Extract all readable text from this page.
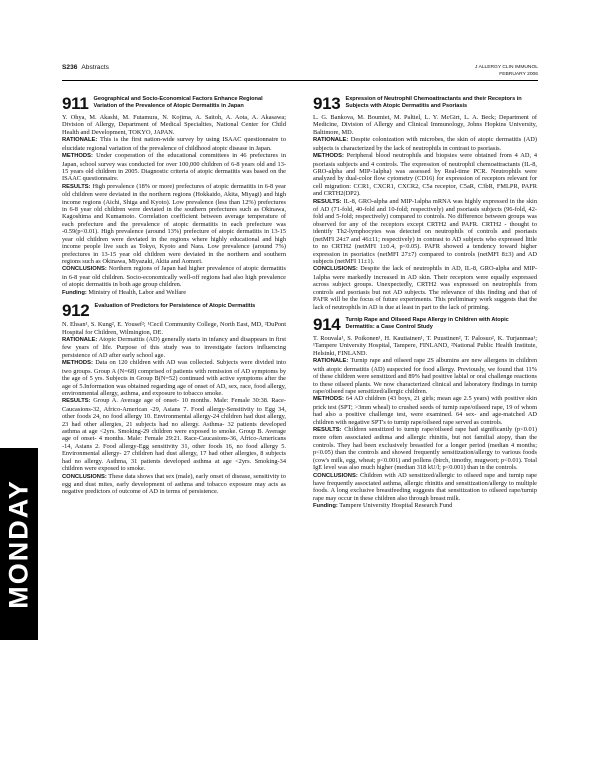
S236 Abstracts	J ALLERGY CLIN IMMUNOL
FEBRUARY 2006
MONDAY
911 Geographical and Socio-Economical Factors Enhance Regional Variation of the Prevalence of Atopic Dermatitis in Japan

Y. Ohya, M. Akashi, M. Futamura, N. Kojima, A. Saitoh, A. Aota, A. Akasawa; Division of Allergy, Department of Medical Specialties, National Center for Child Health and Development, TOKYO, JAPAN.

RATIONALE: This is the first nation-wide survey by using ISAAC questionnaire to elucidate regional variation of the prevalence of childhood atopic disease in Japan.

METHODS: Under cooperation of the educational committees in 46 prefectures in Japan, school survey was conducted for over 100,000 children of 6-8 years old and 13-15 years old children in 2005. Diagnostic criteria of atopic dermatitis was based on the ISAAC questionnaire.

RESULTS: High prevalence (18% or more) prefectures of atopic dermatitis in 6-8 year old children were deviated in the northern regions (Hokkaido, Akita, Miyagi) and high income regions (Aichi, Shiga and Kyoto). Low prevalence (less than 12%) prefectures in 6-8 year old children were deviated in the southern prefectures such as Okinawa, Kagoshima and Kumamoto. Correlation coefficient between average temperature of each prefecture and the prevalence of atopic dermatitis in each prefecture was -0.59(p<0.01). High prevalence (around 13%) prefecture of atopic dermatitis in 13-15 year old children were deviated in the regions where highly educational and high income people live such as Tokyo, Kyoto and Nara. Low prevalence (around 7%) prefectures in 13-15 year old children were deviated in the northern and southern regions such as Okinawa, Miyazaki, Akita and Aomori.

CONCLUSIONS: Northern regions of Japan had higher prevalence of atopic dermatitis in 6-8 year old children. Socio-economically well-off regions had also high prevalence of atopic dermatitis in both age group children.

Funding: Ministry of Health, Labor and Welfare

912 Evaluation of Predictors for Persistence of Atopic Dermatitis

N. Ehsan¹, S. Kung², E. Yousef²; ¹Cecil Community College, North East, MD, ²DuPont Hospital for Children, Wilmington, DE.

RATIONALE: Atopic Dermatitis (AD) generally starts in infancy and disappears in first few years of life. Purpose of this study was to investigate factors influencing persistence of AD after early school age.

METHODS: Data on 120 children with AD was collected. Subjects were divided into two groups. Group A (N=68) comprised of patients with remission of AD symptoms by the age of 5 yrs. Subjects in Group B(N=52) continued with active symptoms after the age of 5.Information was obtained regarding age of onset of AD, sex, race, food allergy, environmental allergy, asthma, and exposure to tobacco smoke.

RESULTS: Group A. Average age of onset- 10 months. Male: Female 30:38. Race-Caucasions-32, Africo-American -29, Asians 7. Food allergy-Sensitivity to Egg 34, other foods 24, no food allergy 10. Environmental allergy-24 children had dust allergy, 23 had other allergies, 21 subjects had no allergy. Asthma- 32 patients developed asthma at age <2yrs. Smoking-29 children were exposed to smoke. Group B. Average age of onset- 4 months. Male: Female 29:21. Race-Caucasions-36, Africo-Americans -14, Asians 2. Food allergy-Egg sensitivity 31, other foods 16, no food allergy 5. Environmental allergy- 27 children had dust allergy, 17 had other allergies, 8 subjects had no allergy. Asthma, 31 patients developed asthma at age <2yrs. Smoking-34 children were exposed to smoke.

CONCLUSIONS: These data shows that sex (male), early onset of disease, sensitivity to egg and dust mites, early development of asthma and tobacco exposure may acts as negative predictors of outcome of AD in terms of persistence.

913 Expression of Neutrophil Chemoattractants and their Receptors in Subjects with Atopic Dermatitis and Psoriasis

L. G. Bankova, M. Boumiet, M. Paltiel, L. Y. McGirt, L. A. Beck; Department of Medicine, Division of Allergy and Clinical Immunology, Johns Hopkins University, Baltimore, MD.

RATIONALE: Despite colonization with microbes, the skin of atopic dermatitis (AD) subjects is characterized by the lack of neutrophils in contrast to psoriasis.

METHODS: Peripheral blood neutrophils and biopsies were obtained from 4 AD, 4 psoriasis subjects and 4 controls. The expression of neutrophil chemoattractants (IL-8, GRO-alpha and MIP-1alpha) was assessed by Real-time PCR. Neutrophils were analyzed by dual-color flow cytometry (CD16) for expression of receptors relevant for cell migration: CCR1, CXCR1, CXCR2, C5a receptor, C5aR, C3bR, FMLPR, PAFR and CRTH2(DP2).

RESULTS: IL-8, GRO-alpha and MIP-1alpha mRNA was highly expressed in the skin of AD (71-fold, 40-fold and 10-fold; respectively) and psoriasis subjects (96-fold, 42-fold and 5-fold; respectively) compared to controls. No difference between groups was observed for any of the receptors except CRTH2 and PAFR. CRTH2 - thought to identify Th2-lymphocytes was detected on neutrophils of controls and psoriasis (netMFI 24±7 and 46±11; respectively) in contrast to AD subjects who expressed little to no CRTH2 (netMFI 1±0.4, p<0.05). PAFR showed a tendency toward higher expression in psoriatics (netMFI 27±7) compared to controls (netMFI 8±3) and AD subjects (netMFI 11±1).

CONCLUSIONS: Despite the lack of neutrophils in AD, IL-8, GRO-alpha and MIP-1alpha were markedly increased in AD skin. Their receptors were equally expressed across subject groups. Unexpectedly, CRTH2 was expressed on neutrophils from controls and psoriasis but not AD subjects. The relevance of this finding and that of PAFR will be the focus of future experiments. This preliminary work suggests that the lack of neutrophils in AD is due at least in part to the lack of priming.

914 Turnip Rape and Oilseed Rape Allergy in Children with Atopic Dermatitis: a Case Control Study

T. Rouvala¹, S. Poikonen¹, H. Kautiainen¹, T. Puustinen², T. Palosuo², K. Turjanmaa¹; ¹Tampere University Hospital, Tampere, FINLAND, ²National Public Health Institute, Helsinki, FINLAND.

RATIONALE: Turnip rape and oilseed rape 2S albumins are new allergens in children with atopic dermatitis (AD) suspected for food allergy. Previously, we found that 11% of these children were sensitized and 89% had positive labial or oral challenge reactions to these oilseed plants. We now characterized clinical and laboratory findings in turnip rape/oilseed rape sensitized/allergic children.

METHODS: 64 AD children (43 boys, 21 girls; mean age 2.5 years) with positive skin prick test (SPT; >3mm wheal) to crushed seeds of turnip rape/oilseed rape, 19 of whom had also a positive challenge test, were examined. 64 sex- and age-matched AD children with negative SPT's to turnip rape/oilseed rape served as controls.

RESULTS: Children sensitized to turnip rape/oilseed rape had significantly (p<0.01) more often associated asthma and allergic rhinitis, but not familial atopy, than the controls. They had been exclusively breastfed for a longer period (median 4 months; p<0.05) than the controls and showed frequently sensitization/allergy to various foods (cow's milk, egg, wheat; p<0.001) and pollens (birch, timothy, mugwort; p<0.01). Total IgE level was also much higher (median 318 kU/l; p<0.001) than in the controls.

CONCLUSIONS: Children with AD sensitized/allergic to oilseed rape and turnip rape have frequently associated asthma, allergic rhinitis and sensitization/allergy to multiple foods. A long exclusive breastfeeding suggests that sensitization to oilseed rape/turnip rape may occur in these children also through breast milk.

Funding: Tampere University Hospital Research Fund
